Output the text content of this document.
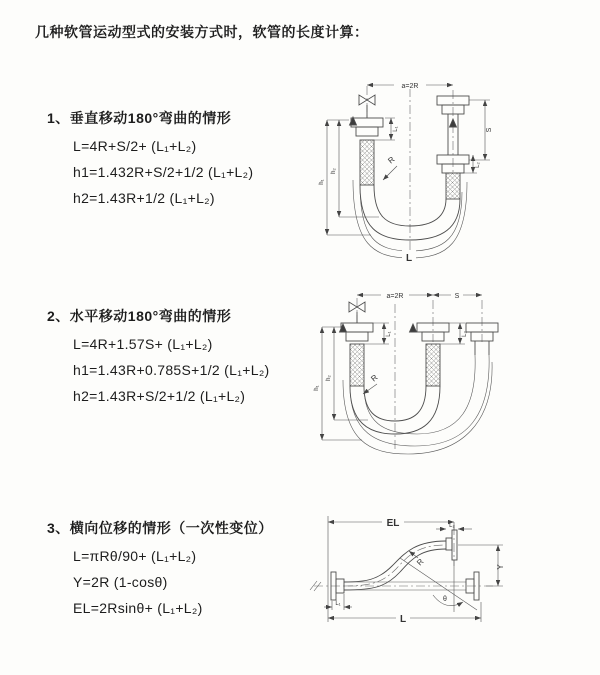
几种软管运动型式的安装方式时，软管的长度计算：
1、垂直移动180°弯曲的情形
L=4R+S/2+ (L₁+L₂)
h1=1.432R+S/2+1/2 (L₁+L₂)
h2=1.43R+1/2 (L₁+L₂)
2、水平移动180°弯曲的情形
L=4R+1.57S+ (L₁+L₂)
h1=1.43R+0.785S+1/2 (L₁+L₂)
h2=1.43R+S/2+1/2 (L₁+L₂)
3、横向位移的情形（一次性变位）
L=πRθ/90+ (L₁+L₂)
Y=2R (1-cosθ)
EL=2Rsinθ+ (L₁+L₂)
a=2R
L₁	S
L₂
h₁
h₂
R
L
a=2R	S
L₁	L₂
h₁
h₂	R
EL	L₂
Y
L₁
L
R
θ
